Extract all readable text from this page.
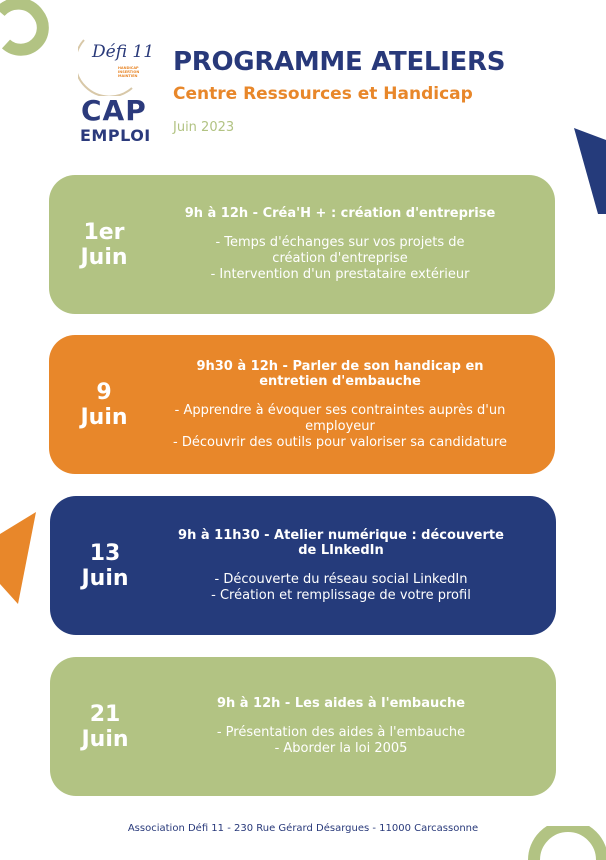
Défi 11
HANDICAP INSERTION MAINTIEN
CAP
EMPLOI
PROGRAMME ATELIERS
Centre Ressources et Handicap
Juin 2023
1er
Juin
9h à 12h - Créa'H + : création d'entreprise
- Temps d'échanges sur vos projets de
création d'entreprise
- Intervention d'un prestataire extérieur
9
Juin
9h30 à 12h - Parler de son handicap en
entretien d'embauche
- Apprendre à évoquer ses contraintes auprès d'un
employeur
- Découvrir des outils pour valoriser sa candidature
13
Juin
9h à 11h30 - Atelier numérique : découverte
de LInkedIn
- Découverte du réseau social LinkedIn
- Création et remplissage de votre profil
21
Juin
9h à 12h - Les aides à l'embauche
- Présentation des aides à l'embauche
- Aborder la loi 2005
Association Défi 11 - 230 Rue Gérard Désargues - 11000 Carcassonne
